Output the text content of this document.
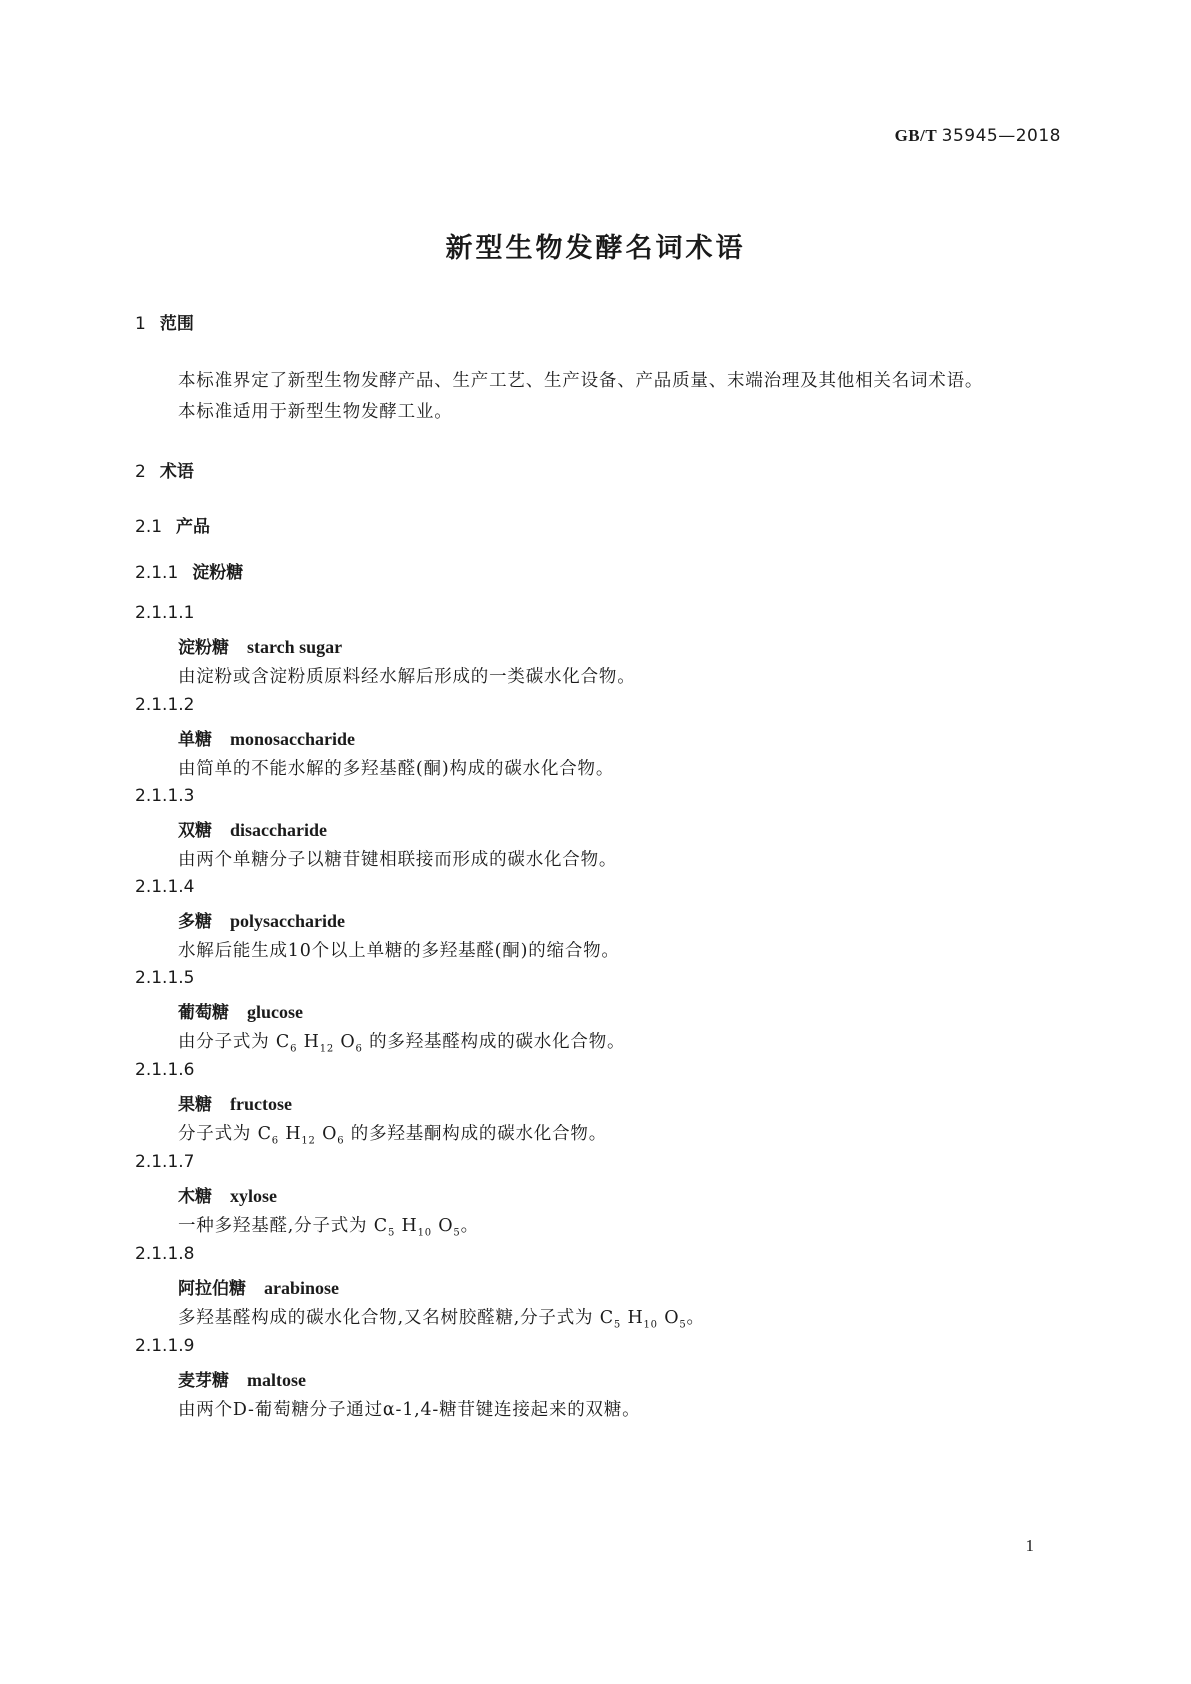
GB/T 35945—2018
新型生物发酵名词术语
1 范围
本标准界定了新型生物发酵产品、生产工艺、生产设备、产品质量、末端治理及其他相关名词术语。
本标准适用于新型生物发酵工业。
2 术语
2.1 产品
2.1.1 淀粉糖
2.1.1.1
淀粉糖 starch sugar
由淀粉或含淀粉质原料经水解后形成的一类碳水化合物。
2.1.1.2
单糖 monosaccharide
由简单的不能水解的多羟基醛(酮)构成的碳水化合物。
2.1.1.3
双糖 disaccharide
由两个单糖分子以糖苷键相联接而形成的碳水化合物。
2.1.1.4
多糖 polysaccharide
水解后能生成10个以上单糖的多羟基醛(酮)的缩合物。
2.1.1.5
葡萄糖 glucose
由分子式为 $C_6$ $H_{12}$ $O_6$ 的多羟基醛构成的碳水化合物。
2.1.1.6
果糖 fructose
分子式为 $C_6$ $H_{12}$ $O_6$ 的多羟基酮构成的碳水化合物。
2.1.1.7
木糖 xylose
一种多羟基醛,分子式为 $C_5$ $H_{10}$ $O_5$。
2.1.1.8
阿拉伯糖 arabinose
多羟基醛构成的碳水化合物,又名树胶醛糖,分子式为 $C_5$ $H_{10}$ $O_5$。
2.1.1.9
麦芽糖 maltose
由两个D-葡萄糖分子通过α-1,4-糖苷键连接起来的双糖。
1
